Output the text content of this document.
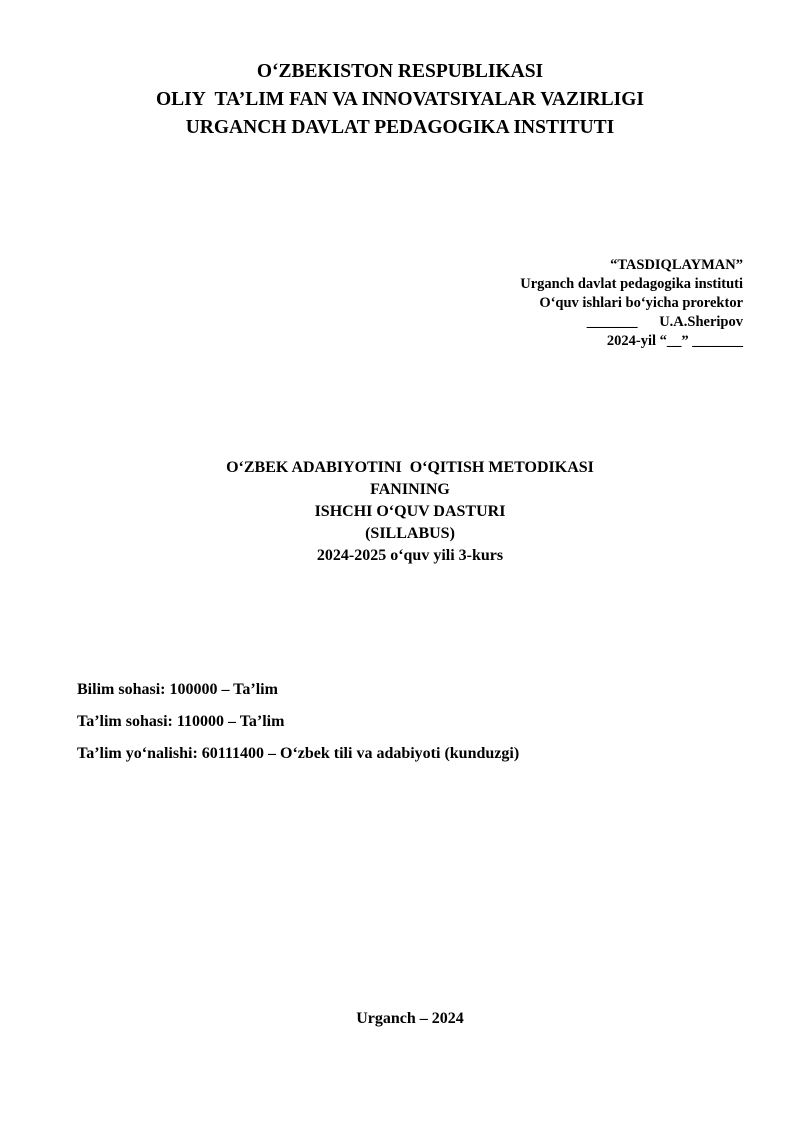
O‘ZBEKISTON RESPUBLIKASI
OLIY  TA’LIM FAN VA INNOVATSIYALAR VAZIRLIGI
URGANCH DAVLAT PEDAGOGIKA INSTITUTI
“TASDIQLAYMAN”
Urganch davlat pedagogika instituti
O‘quv ishlari bo‘yicha prorektor
_______      U.A.Sheripov
2024-yil “__” _______
O‘ZBEK ADABIYOTINI  O‘QITISH METODIKASI
FANINING
ISHCHI O‘QUV DASTURI
(SILLABUS)
2024-2025 o‘quv yili 3-kurs
Bilim sohasi: 100000 – Ta’lim
Ta’lim sohasi: 110000 – Ta’lim
Ta’lim yo‘nalishi: 60111400 – O‘zbek tili va adabiyoti (kunduzgi)
Urganch – 2024
